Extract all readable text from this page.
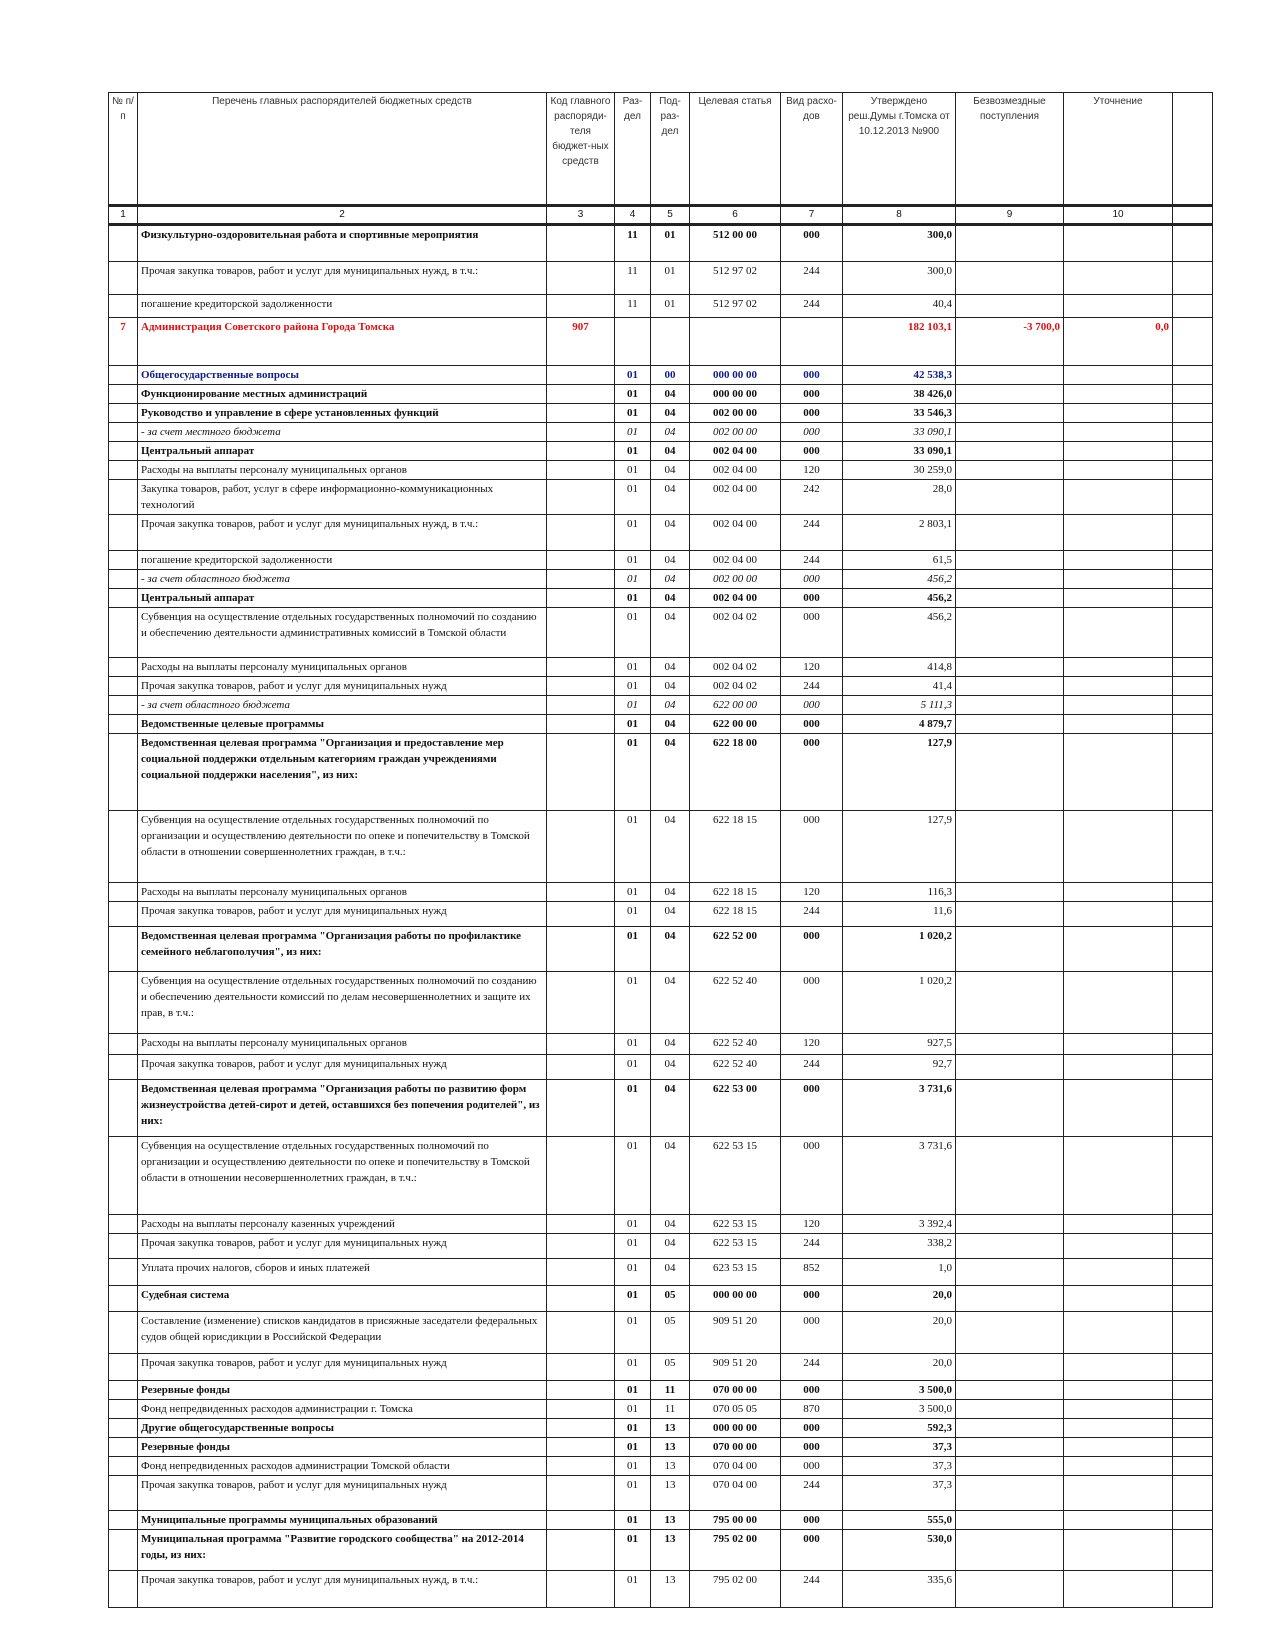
№ п/п	Перечень главных распорядителей бюджетных средств	Код главного распоряди-теля бюджет-ных средств	Раз-дел	Под-раз-дел	Целевая статья	Вид расхо-дов	Утверждено реш.Думы г.Томска от 10.12.2013 №900	Безвозмездные поступления	Уточнение	
1	2	3	4	5	6	7	8	9	10	
	Физкультурно-оздоровительная работа и спортивные мероприятия		11	01	512 00 00	000	300,0			
	Прочая закупка товаров, работ и услуг для муниципальных нужд, в т.ч.:		11	01	512 97 02	244	300,0			
	погашение кредиторской задолженности		11	01	512 97 02	244	40,4			
7	Администрация Советского района Города Томска	907					182 103,1	-3 700,0	0,0	
	Общегосударственные вопросы		01	00	000 00 00	000	42 538,3			
	Функционирование местных администраций		01	04	000 00 00	000	38 426,0			
	Руководство и управление в сфере установленных функций		01	04	002 00 00	000	33 546,3			
	- за счет местного бюджета		01	04	002 00 00	000	33 090,1			
	Центральный аппарат		01	04	002 04 00	000	33 090,1			
	Расходы на выплаты персоналу муниципальных органов		01	04	002 04 00	120	30 259,0			
	Закупка товаров, работ, услуг в сфере информационно-коммуникационных технологий		01	04	002 04 00	242	28,0			
	Прочая закупка товаров, работ и услуг для муниципальных нужд, в т.ч.:		01	04	002 04 00	244	2 803,1			
	погашение кредиторской задолженности		01	04	002 04 00	244	61,5			
	- за счет областного бюджета		01	04	002 00 00	000	456,2			
	Центральный аппарат		01	04	002 04 00	000	456,2			
	Субвенция на осуществление отдельных государственных полномочий по созданию и обеспечению деятельности административных комиссий в Томской области		01	04	002 04 02	000	456,2			
	Расходы на выплаты персоналу муниципальных органов		01	04	002 04 02	120	414,8			
	Прочая закупка товаров, работ и услуг для муниципальных нужд		01	04	002 04 02	244	41,4			
	- за счет областного бюджета		01	04	622 00 00	000	5 111,3			
	Ведомственные целевые программы		01	04	622 00 00	000	4 879,7			
	Ведомственная целевая программа "Организация и предоставление мер социальной поддержки отдельным категориям граждан учреждениями социальной поддержки населения", из них:		01	04	622 18 00	000	127,9			
	Субвенция на осуществление отдельных государственных полномочий по организации и осуществлению деятельности по опеке и попечительству в Томской области в отношении совершеннолетних граждан, в т.ч.:		01	04	622 18 15	000	127,9			
	Расходы на выплаты персоналу муниципальных органов		01	04	622 18 15	120	116,3			
	Прочая закупка товаров, работ и услуг для муниципальных нужд		01	04	622 18 15	244	11,6			
	Ведомственная целевая программа "Организация работы по профилактике семейного неблагополучия", из них:		01	04	622 52 00	000	1 020,2			
	Субвенция на осуществление отдельных государственных полномочий по созданию и обеспечению деятельности комиссий по делам несовершеннолетних и защите их прав, в т.ч.:		01	04	622 52 40	000	1 020,2			
	Расходы на выплаты персоналу муниципальных органов		01	04	622 52 40	120	927,5			
	Прочая закупка товаров, работ и услуг для муниципальных нужд		01	04	622 52 40	244	92,7			
	Ведомственная целевая программа "Организация работы по развитию форм жизнеустройства детей-сирот и детей, оставшихся без попечения родителей", из них:		01	04	622 53 00	000	3 731,6			
	Субвенция на осуществление отдельных государственных полномочий по организации и осуществлению деятельности по опеке и попечительству в Томской области в отношении несовершеннолетних граждан, в т.ч.:		01	04	622 53 15	000	3 731,6			
	Расходы на выплаты персоналу казенных учреждений		01	04	622 53 15	120	3 392,4			
	Прочая закупка товаров, работ и услуг для муниципальных нужд		01	04	622 53 15	244	338,2			
	Уплата прочих налогов, сборов и иных платежей		01	04	623 53 15	852	1,0			
	Судебная система		01	05	000 00 00	000	20,0			
	Составление (изменение) списков кандидатов в присяжные заседатели федеральных судов общей юрисдикции в Российской Федерации		01	05	909 51 20	000	20,0			
	Прочая закупка товаров, работ и услуг для муниципальных нужд		01	05	909 51 20	244	20,0			
	Резервные фонды		01	11	070 00 00	000	3 500,0			
	Фонд непредвиденных расходов администрации г. Томска		01	11	070 05 05	870	3 500,0			
	Другие общегосударственные вопросы		01	13	000 00 00	000	592,3			
	Резервные фонды		01	13	070 00 00	000	37,3			
	Фонд непредвиденных расходов администрации Томской области		01	13	070 04 00	000	37,3			
	Прочая закупка товаров, работ и услуг для муниципальных нужд		01	13	070 04 00	244	37,3			
	Муниципальные программы муниципальных образований		01	13	795 00 00	000	555,0			
	Муниципальная программа "Развитие городского сообщества" на 2012-2014 годы, из них:		01	13	795 02 00	000	530,0			
	Прочая закупка товаров, работ и услуг для муниципальных нужд, в т.ч.:		01	13	795 02 00	244	335,6			
